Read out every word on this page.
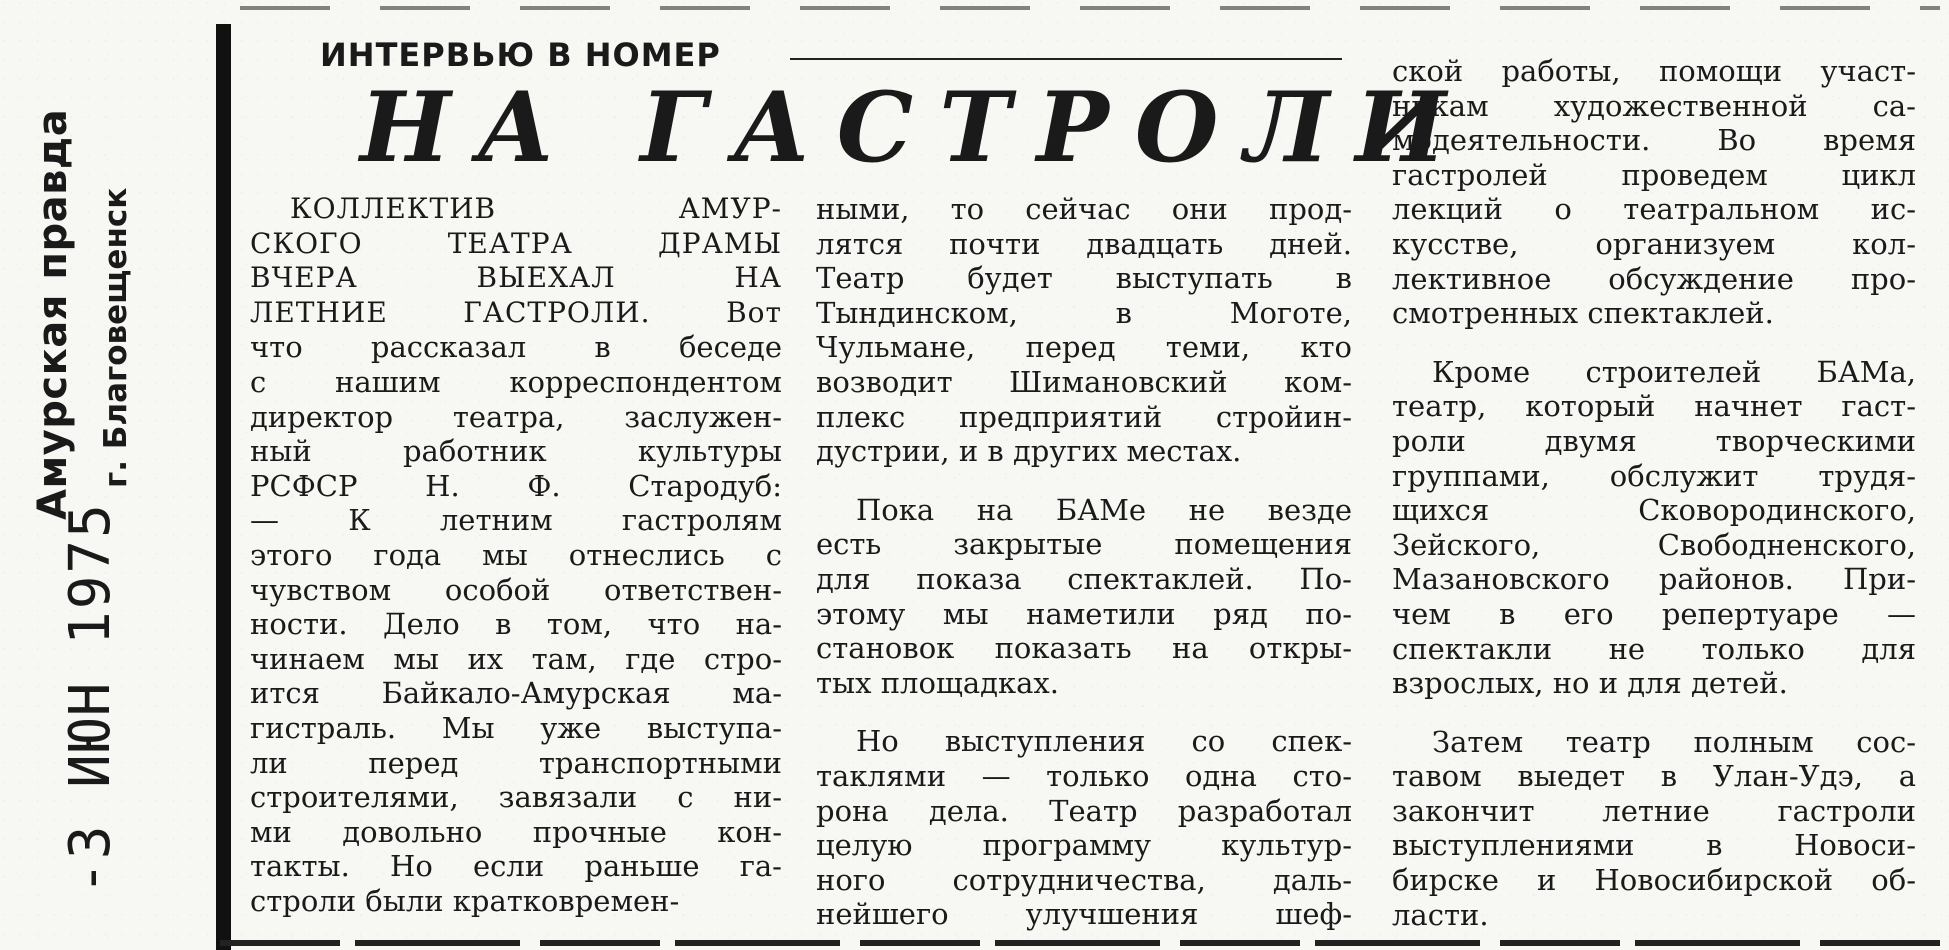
Амурская правда г. Благовещенск
-3 ИЮН 1975
ИНТЕРВЬЮ В НОМЕР
НА ГАСТРОЛИ
КОЛЛЕКТИВ АМУР-
СКОГО ТЕАТРА ДРАМЫ
ВЧЕРА ВЫЕХАЛ НА
ЛЕТНИЕ ГАСТРОЛИ. Вот
что рассказал в беседе
с нашим корреспондентом
директор театра, заслужен-
ный работник культуры
РСФСР Н. Ф. Стародуб:
— К летним гастролям
этого года мы отнеслись с
чувством особой ответствен-
ности. Дело в том, что на-
чинаем мы их там, где стро-
ится Байкало-Амурская ма-
гистраль. Мы уже выступа-
ли перед транспортными
строителями, завязали с ни-
ми довольно прочные кон-
такты. Но если раньше га-
строли были кратковремен-
ными, то сейчас они прод-
лятся почти двадцать дней.
Театр будет выступать в
Тындинском, в Моготе,
Чульмане, перед теми, кто
возводит Шимановский ком-
плекс предприятий стройин-
дустрии, и в других местах.
Пока на БАМе не везде
есть закрытые помещения
для показа спектаклей. По-
этому мы наметили ряд по-
становок показать на откры-
тых площадках.
Но выступления со спек-
таклями — только одна сто-
рона дела. Театр разработал
целую программу культур-
ного сотрудничества, даль-
нейшего улучшения шеф-
ской работы, помощи участ-
никам художественной са-
модеятельности. Во время
гастролей проведем цикл
лекций о театральном ис-
кусстве, организуем кол-
лективное обсуждение про-
смотренных спектаклей.
Кроме строителей БАМа,
театр, который начнет гаст-
роли двумя творческими
группами, обслужит трудя-
щихся Сковородинского,
Зейского, Свободненского,
Мазановского районов. При-
чем в его репертуаре —
спектакли не только для
взрослых, но и для детей.
Затем театр полным сос-
тавом выедет в Улан-Удэ, а
закончит летние гастроли
выступлениями в Новоси-
бирске и Новосибирской об-
ласти.
